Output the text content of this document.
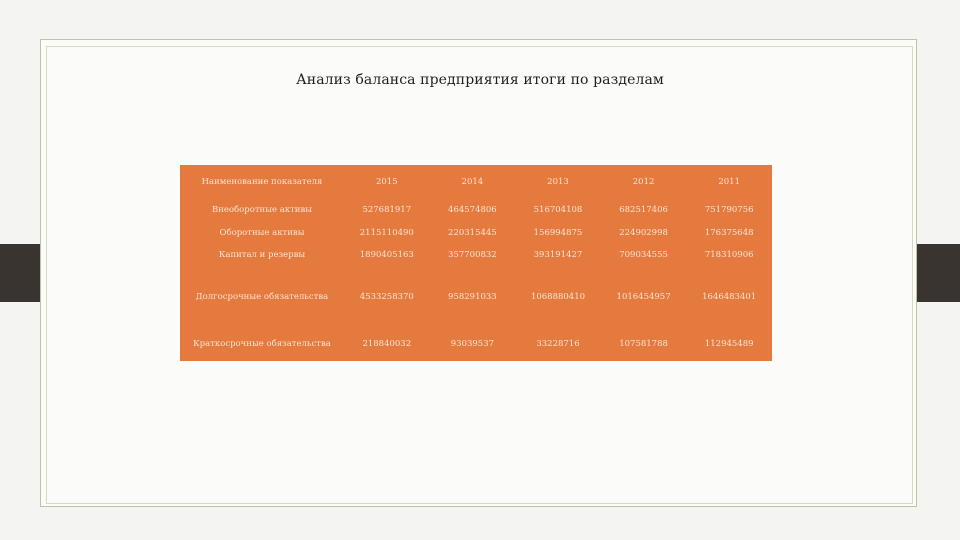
Анализ баланса предприятия итоги по разделам
Наименование показателя	2015	2014	2013	2012	2011
Внеоборотные активы	527681917	464574806	516704108	682517406	751790756
Оборотные активы	2115110490	220315445	156994875	224902998	176375648
Капитал и резервы	1890405163	357700832	393191427	709034555	718310906
Долгосрочные обязательства	4533258370	958291033	1068880410	1016454957	1646483401
Краткосрочные обязательства	218840032	93039537	33228716	107581788	112945489
